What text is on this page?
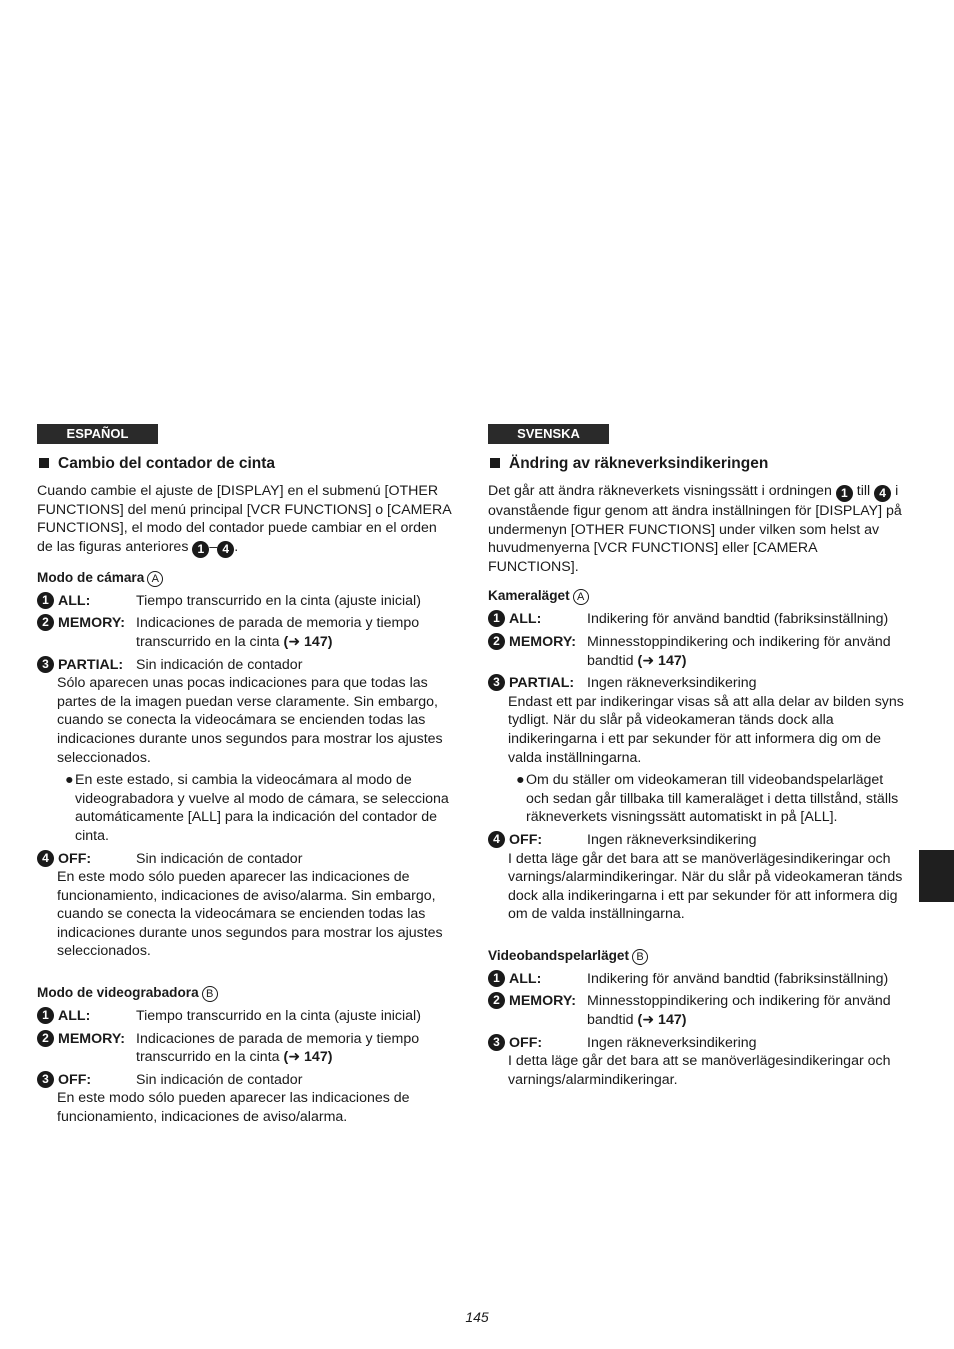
ESPAÑOL
Cambio del contador de cinta
Cuando cambie el ajuste de [DISPLAY] en el submenú [OTHER FUNCTIONS] del menú principal [VCR FUNCTIONS] o [CAMERA FUNCTIONS], el modo del contador puede cambiar en el orden de las figuras anteriores 1 – 4 .
Modo de cámara A
1 ALL:	Tiempo transcurrido en la cinta (ajuste inicial)
2 MEMORY: Indicaciones de parada de memoria y tiempo transcurrido en la cinta (➜ 147)
3 PARTIAL: Sin indicación de contador
Sólo aparecen unas pocas indicaciones para que todas las partes de la imagen puedan verse claramente. Sin embargo, cuando se conecta la videocámara se encienden todas las indicaciones durante unos segundos para mostrar los ajustes seleccionados.
● En este estado, si cambia la videocámara al modo de videograbadora y vuelve al modo de cámara, se selecciona automáticamente [ALL] para la indicación del contador de cinta.
4 OFF:	Sin indicación de contador
En este modo sólo pueden aparecer las indicaciones de funcionamiento, indicaciones de aviso/alarma. Sin embargo, cuando se conecta la videocámara se encienden todas las indicaciones durante unos segundos para mostrar los ajustes seleccionados.
Modo de videograbadora B
1 ALL:	Tiempo transcurrido en la cinta (ajuste inicial)
2 MEMORY: Indicaciones de parada de memoria y tiempo transcurrido en la cinta (➜ 147)
3 OFF:	Sin indicación de contador
En este modo sólo pueden aparecer las indicaciones de funcionamiento, indicaciones de aviso/alarma.
SVENSKA
Ändring av räkneverksindikeringen
Det går att ändra räkneverkets visningssätt i ordningen 1 till 4 i ovanstående figur genom att ändra inställningen för [DISPLAY] på undermenyn [OTHER FUNCTIONS] under vilken som helst av huvudmenyerna [VCR FUNCTIONS] eller [CAMERA FUNCTIONS].
Kameraläget A
1 ALL:	Indikering för använd bandtid (fabriksinställning)
2 MEMORY: Minnesstoppindikering och indikering för använd bandtid (➜ 147)
3 PARTIAL: Ingen räkneverksindikering
Endast ett par indikeringar visas så att alla delar av bilden syns tydligt. När du slår på videokameran tänds dock alla indikeringarna i ett par sekunder för att informera dig om de valda inställningarna.
● Om du ställer om videokameran till videobandspelarläget och sedan går tillbaka till kameraläget i detta tillstånd, ställs räkneverkets visningssätt automatiskt in på [ALL].
4 OFF:	Ingen räkneverksindikering
I detta läge går det bara att se manöverlägesindikeringar och varnings/alarmindikeringar. När du slår på videokameran tänds dock alla indikeringarna i ett par sekunder för att informera dig om de valda inställningarna.
Videobandspelarläget B
1 ALL:	Indikering för använd bandtid (fabriksinställning)
2 MEMORY: Minnesstoppindikering och indikering för använd bandtid (➜ 147)
3 OFF:	Ingen räkneverksindikering
I detta läge går det bara att se manöverlägesindikeringar och varnings/alarmindikeringar.
145
